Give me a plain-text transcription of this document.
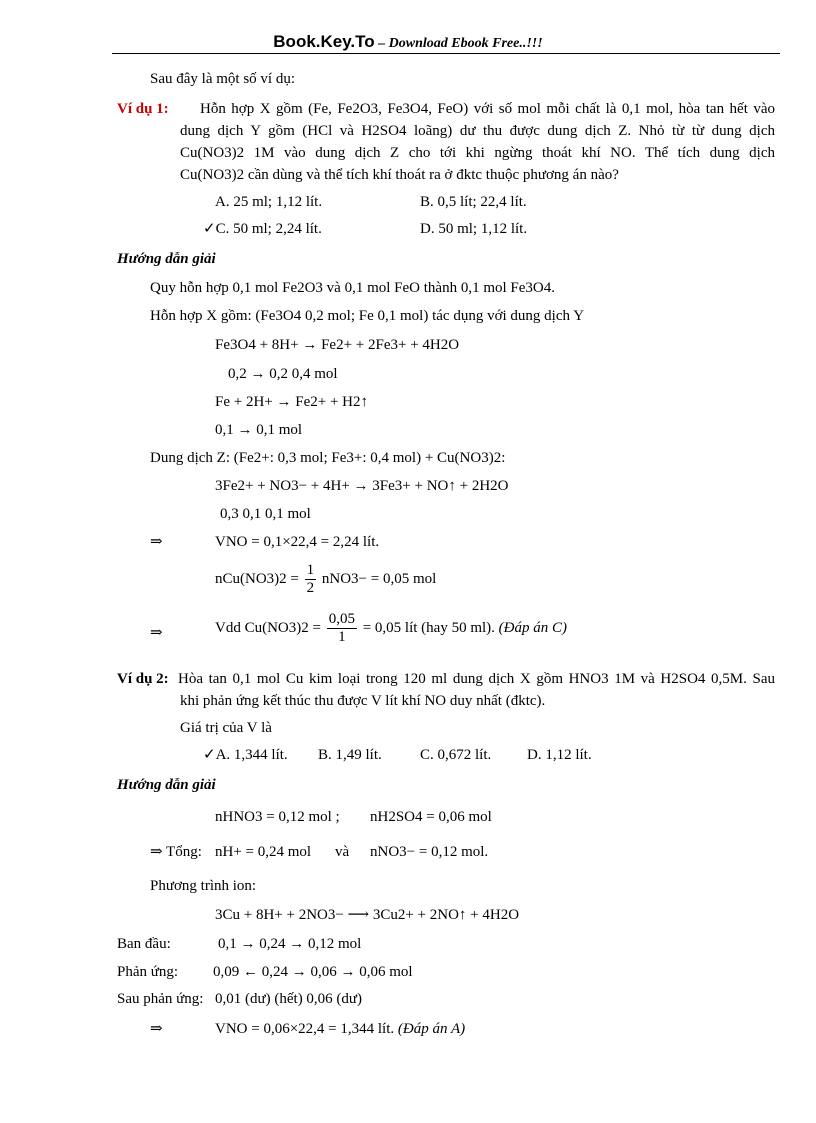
Book.Key.To – Download Ebook Free..!!!
Sau đây là một số ví dụ:
Ví dụ 1: Hỗn hợp X gồm (Fe, Fe2O3, Fe3O4, FeO) với số mol mỗi chất là 0,1 mol, hòa tan hết vào
dung dịch Y gồm (HCl và H2SO4 loãng) dư thu được dung dịch Z. Nhỏ từ từ dung dịch
Cu(NO3)2 1M vào dung dịch Z cho tới khi ngừng thoát khí NO. Thể tích dung dịch
Cu(NO3)2 cần dùng và thể tích khí thoát ra ở đktc thuộc phương án nào?
A. 25 ml; 1,12 lít.	B. 0,5 lít; 22,4 lít.
✓C. 50 ml; 2,24 lít.	D. 50 ml; 1,12 lít.
Hướng dẫn giải
Quy hỗn hợp 0,1 mol Fe2O3 và 0,1 mol FeO thành 0,1 mol Fe3O4.
Hỗn hợp X gồm: (Fe3O4 0,2 mol; Fe 0,1 mol) tác dụng với dung dịch Y
Fe3O4 + 8H+ → Fe2+ + 2Fe3+ + 4H2O
0,2 → 0,2 0,4 mol
Fe + 2H+ → Fe2+ + H2↑
0,1 → 0,1 mol
Dung dịch Z: (Fe2+: 0,3 mol; Fe3+: 0,4 mol) + Cu(NO3)2:
3Fe2+ + NO3− + 4H+ → 3Fe3+ + NO↑ + 2H2O
0,3 0,1 0,1 mol
⇒	VNO = 0,1×22,4 = 2,24 lít.
$nCu(NO3)2 = \frac{1}{2} nNO3- = 0,05$ mol
⇒	Vdd $Cu(NO3)2 = \frac{0,05}{1} = 0,05$ lít (hay 50 ml). (Đáp án C)
Ví dụ 2: Hòa tan 0,1 mol Cu kim loại trong 120 ml dung dịch X gồm HNO3 1M và H2SO4 0,5M. Sau
khi phản ứng kết thúc thu được V lít khí NO duy nhất (đktc).
Giá trị của V là
✓A. 1,344 lít. B. 1,49 lít.	C. 0,672 lít. D. 1,12 lít.
Hướng dẫn giải
nHNO3 = 0,12 mol ; nH2SO4 = 0,06 mol
⇒ Tổng: nH+ = 0,24 mol và nNO3− = 0,12 mol.
Phương trình ion:
3Cu + 8H+ + 2NO3− ⟶ 3Cu2+ + 2NO↑ + 4H2O
Ban đầu:	0,1 → 0,24 → 0,12 mol
Phản ứng: 0,09 ← 0,24 → 0,06 → 0,06 mol
Sau phản ứng: 0,01 (dư) (hết) 0,06 (dư)
⇒	VNO = 0,06×22,4 = 1,344 lít. (Đáp án A)
